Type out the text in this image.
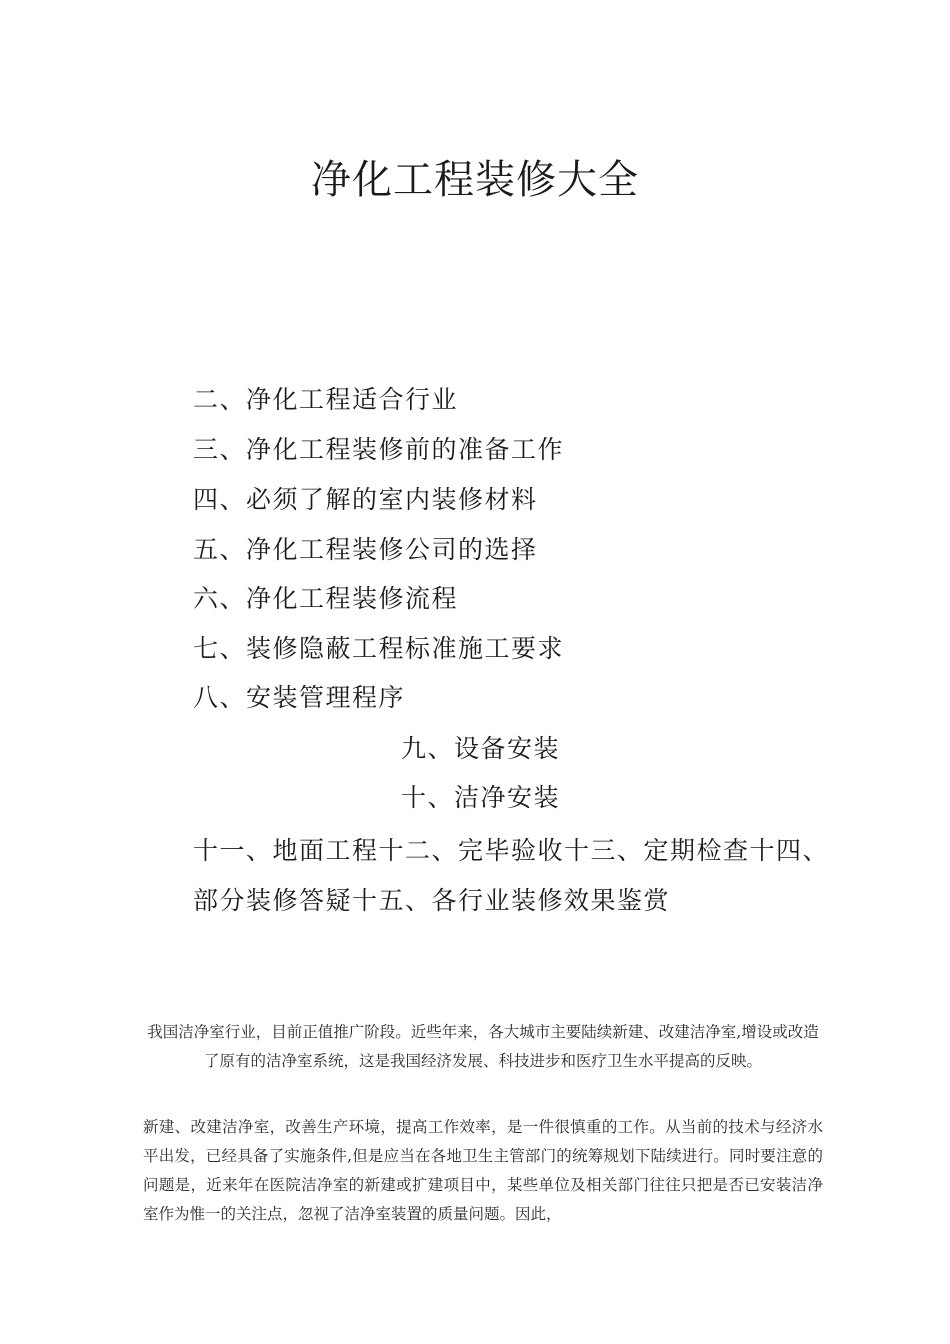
净化工程装修大全
二、净化工程适合行业
三、净化工程装修前的准备工作
四、必须了解的室内装修材料
五、净化工程装修公司的选择
六、净化工程装修流程
七、装修隐蔽工程标准施工要求
八、安装管理程序
九、设备安装
十、洁净安装
十一、地面工程十二、完毕验收十三、定期检查十四、部分装修答疑十五、各行业装修效果鉴赏

我国洁净室行业，目前正值推广阶段。近些年来，各大城市主要陆续新建、改建洁净室,增设或改造了原有的洁净室系统，这是我国经济发展、科技进步和医疗卫生水平提高的反映。

新建、改建洁净室，改善生产环境，提高工作效率，是一件很慎重的工作。从当前的技术与经济水平出发，已经具备了实施条件,但是应当在各地卫生主管部门的统筹规划下陆续进行。同时要注意的问题是，近来年在医院洁净室的新建或扩建项目中，某些单位及相关部门往往只把是否已安装洁净室作为惟一的关注点，忽视了洁净室装置的质量问题。因此，
